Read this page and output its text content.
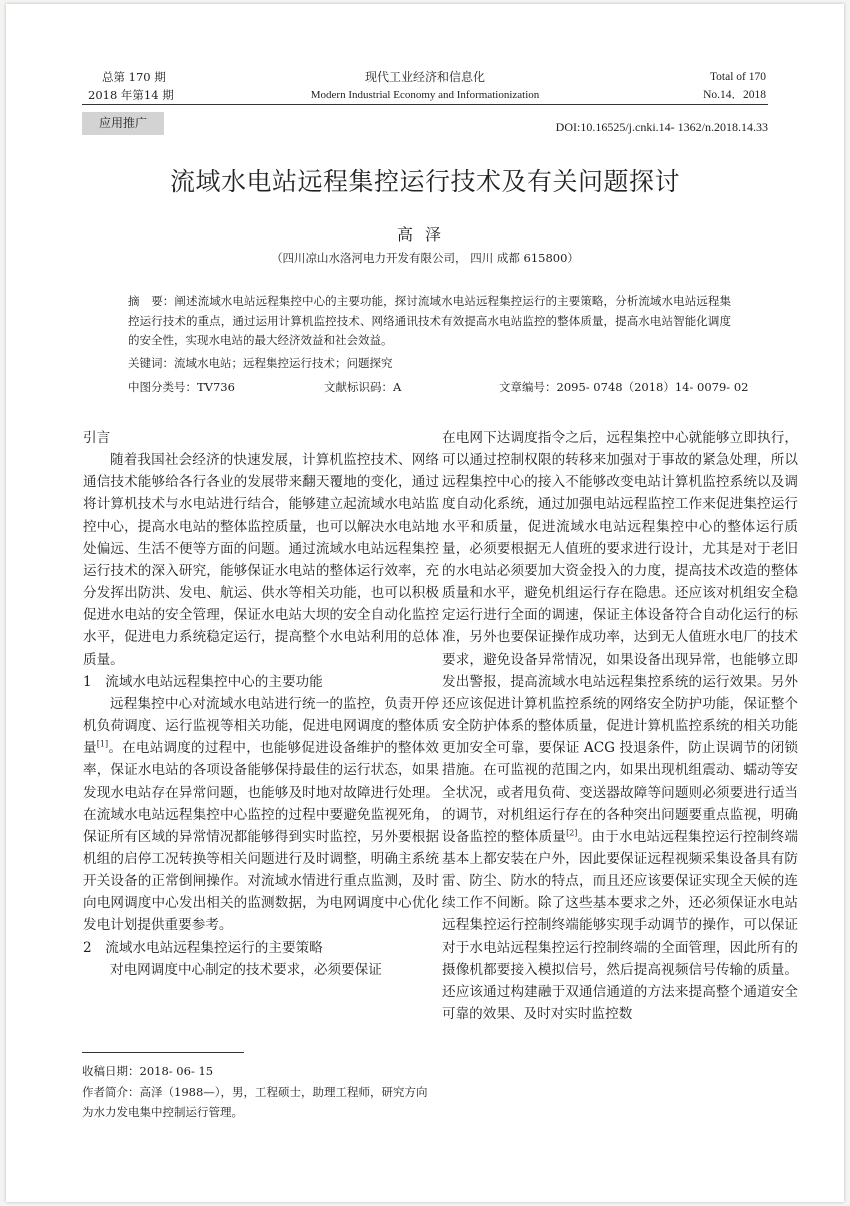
总第 170 期
2018 年第14 期
现代工业经济和信息化
Modern Industrial Economy and Informationization
Total of 170
No.14．2018
应用推广	DOI:10.16525/j.cnki.14- 1362/n.2018.14.33
流域水电站远程集控运行技术及有关问题探讨
高泽
（四川凉山水洛河电力开发有限公司， 四川 成都 615800）
摘　要：阐述流域水电站远程集控中心的主要功能，探讨流域水电站远程集控运行的主要策略，分析流域水电站远程集控运行技术的重点，通过运用计算机监控技术、网络通讯技术有效提高水电站监控的整体质量，提高水电站智能化调度的安全性，实现水电站的最大经济效益和社会效益。
关键词：流域水电站；远程集控运行技术；问题探究
中图分类号：TV736	文献标识码：A	文章编号：2095- 0748（2018）14- 0079- 02

引言

随着我国社会经济的快速发展，计算机监控技术、网络通信技术能够给各行各业的发展带来翻天覆地的变化，通过将计算机技术与水电站进行结合，能够建立起流域水电站监控中心，提高水电站的整体监控质量，也可以解决水电站地处偏远、生活不便等方面的问题。通过流域水电站远程集控运行技术的深入研究，能够保证水电站的整体运行效率，充分发挥出防洪、发电、航运、供水等相关功能，也可以积极促进水电站的安全管理，保证水电站大坝的安全自动化监控水平，促进电力系统稳定运行，提高整个水电站利用的总体质量。

1　流域水电站远程集控中心的主要功能

远程集控中心对流域水电站进行统一的监控，负责开停机负荷调度、运行监视等相关功能，促进电网调度的整体质量[1]。在电站调度的过程中，也能够促进设备维护的整体效率，保证水电站的各项设备能够保持最佳的运行状态，如果发现水电站存在异常问题，也能够及时地对故障进行处理。在流域水电站远程集控中心监控的过程中要避免监视死角，保证所有区域的异常情况都能够得到实时监控，另外要根据机组的启停工况转换等相关问题进行及时调整，明确主系统开关设备的正常倒闸操作。对流域水情进行重点监测，及时向电网调度中心发出相关的监测数据，为电网调度中心优化发电计划提供重要参考。

2　流域水电站远程集控运行的主要策略

对电网调度中心制定的技术要求，必须要保证

收稿日期：2018- 06- 15
作者简介：高泽（1988—），男，工程硕士，助理工程师，研究方向为水力发电集中控制运行管理。

在电网下达调度指令之后，远程集控中心就能够立即执行，可以通过控制权限的转移来加强对于事故的紧急处理，所以远程集控中心的接入不能够改变电站计算机监控系统以及调度自动化系统，通过加强电站远程监控工作来促进集控运行水平和质量，促进流域水电站远程集控中心的整体运行质量，必须要根据无人值班的要求进行设计，尤其是对于老旧的水电站必须要加大资金投入的力度，提高技术改造的整体质量和水平，避免机组运行存在隐患。还应该对机组安全稳定运行进行全面的调速，保证主体设备符合自动化运行的标准，另外也要保证操作成功率，达到无人值班水电厂的技术要求，避免设备异常情况，如果设备出现异常，也能够立即发出警报，提高流域水电站远程集控系统的运行效果。另外还应该促进计算机监控系统的网络安全防护功能，保证整个安全防护体系的整体质量，促进计算机监控系统的相关功能更加安全可靠，要保证 ACG 投退条件，防止误调节的闭锁措施。在可监视的范围之内，如果出现机组震动、蠕动等安全状况，或者甩负荷、变送器故障等问题则必须要进行适当的调节，对机组运行存在的各种突出问题要重点监视，明确设备监控的整体质量[2]。由于水电站远程集控运行控制终端基本上都安装在户外，因此要保证远程视频采集设备具有防雷、防尘、防水的特点，而且还应该要保证实现全天候的连续工作不间断。除了这些基本要求之外，还必须保证水电站远程集控运行控制终端能够实现手动调节的操作，可以保证对于水电站远程集控运行控制终端的全面管理，因此所有的摄像机都要接入模拟信号，然后提高视频信号传输的质量。还应该通过构建融于双通信通道的方法来提高整个通道安全可靠的效果、及时对实时监控数
